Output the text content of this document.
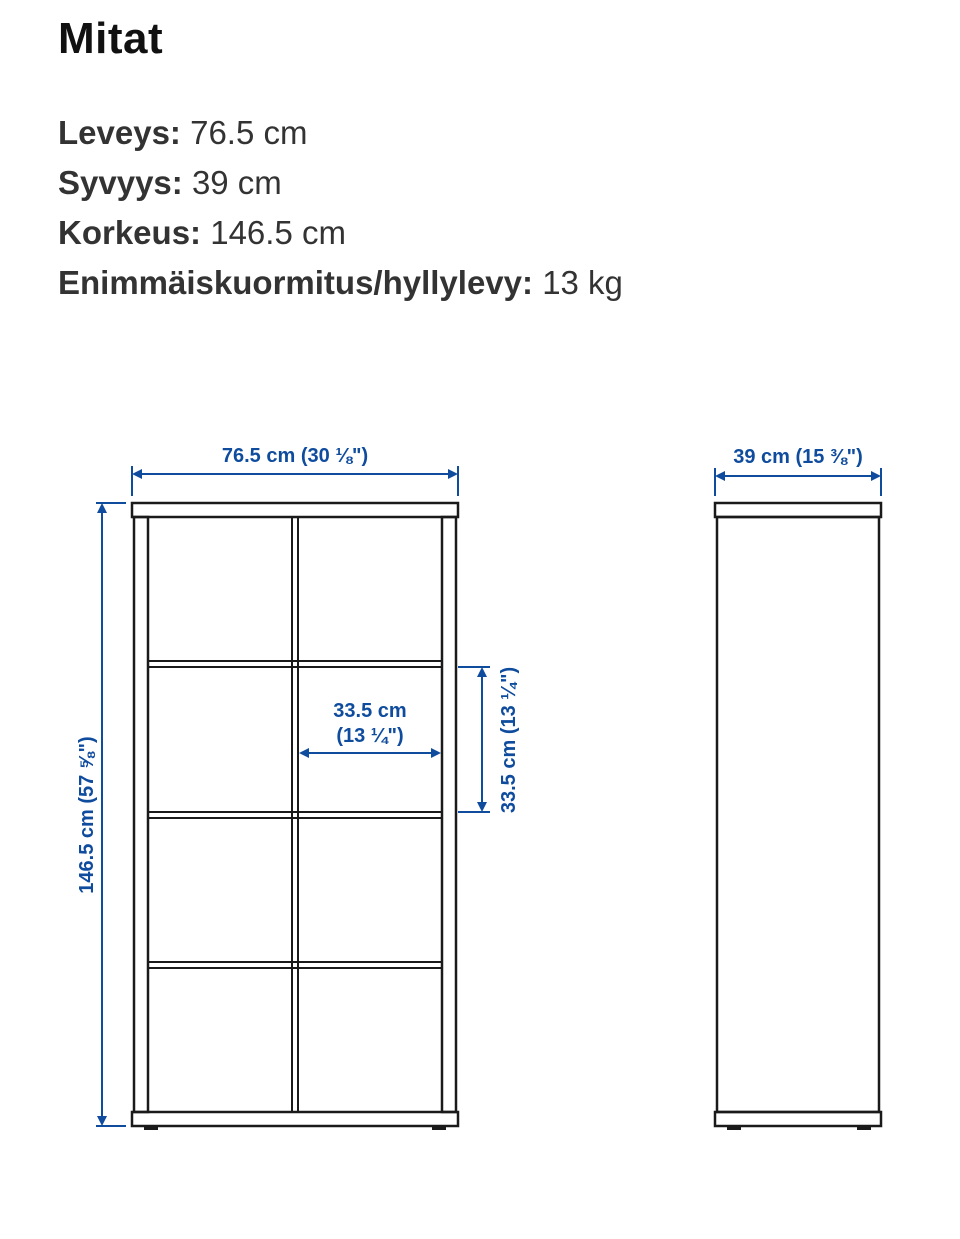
Mitat
Leveys: 76.5 cm
Syvyys: 39 cm
Korkeus: 146.5 cm
Enimmäiskuormitus/hyllylevy: 13 kg
76.5 cm (30 ⅛")
146.5 cm (57 ⅝")
33.5 cm
(13 ¼")	33.5 cm (13 ¼")
39 cm (15 ⅜")
